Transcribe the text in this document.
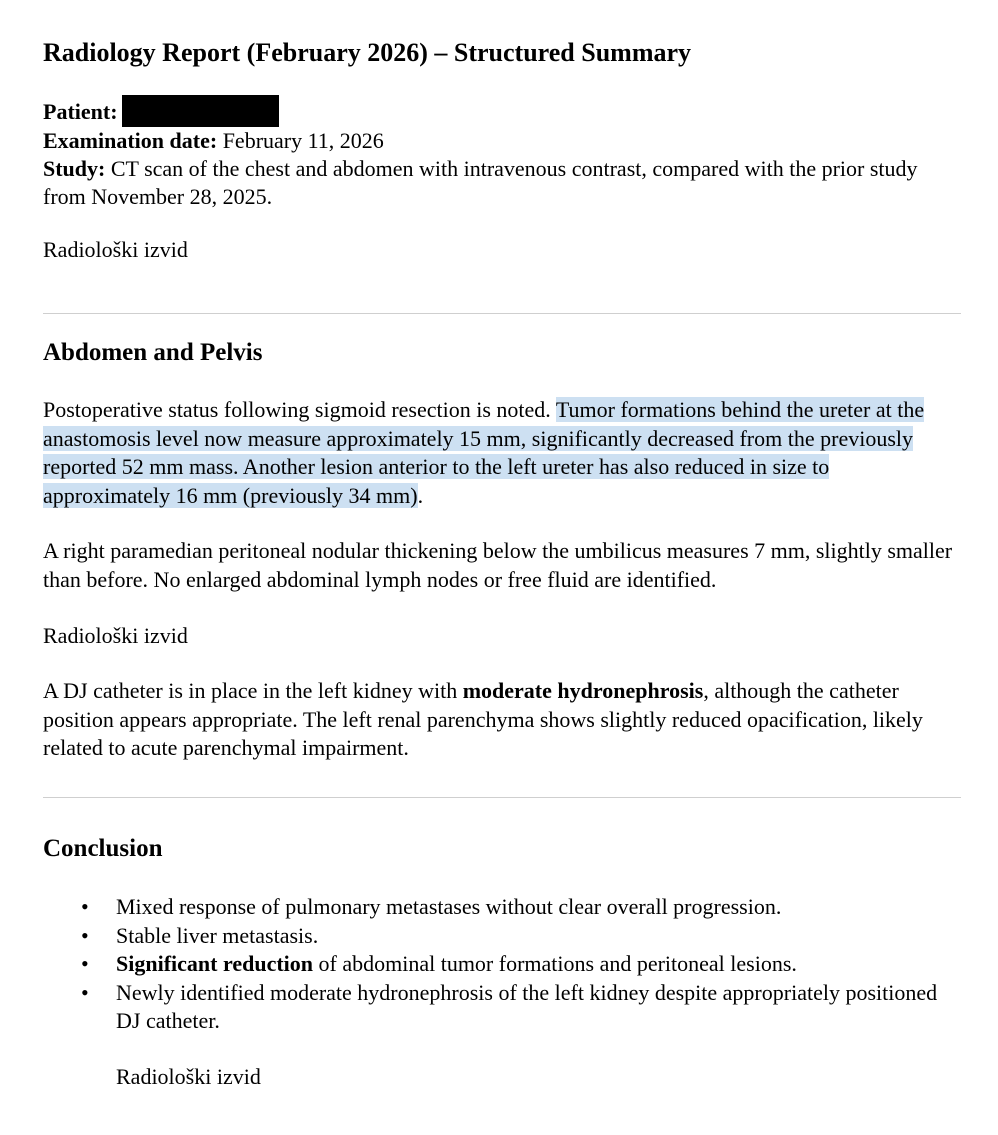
Radiology Report (February 2026) – Structured Summary
Patient:
Examination date: February 11, 2026
Study: CT scan of the chest and abdomen with intravenous contrast, compared with the prior study from November 28, 2025.

Radiološki izvid

Abdomen and Pelvis

Postoperative status following sigmoid resection is noted. Tumor formations behind the ureter at the anastomosis level now measure approximately 15 mm, significantly decreased from the previously reported 52 mm mass. Another lesion anterior to the left ureter has also reduced in size to approximately 16 mm (previously 34 mm).

A right paramedian peritoneal nodular thickening below the umbilicus measures 7 mm, slightly smaller than before. No enlarged abdominal lymph nodes or free fluid are identified.

Radiološki izvid

A DJ catheter is in place in the left kidney with moderate hydronephrosis, although the catheter position appears appropriate. The left renal parenchyma shows slightly reduced opacification, likely related to acute parenchymal impairment.

Conclusion
• Mixed response of pulmonary metastases without clear overall progression.
• Stable liver metastasis.
• Significant reduction of abdominal tumor formations and peritoneal lesions.
• Newly identified moderate hydronephrosis of the left kidney despite appropriately positioned DJ catheter.
Radiološki izvid
